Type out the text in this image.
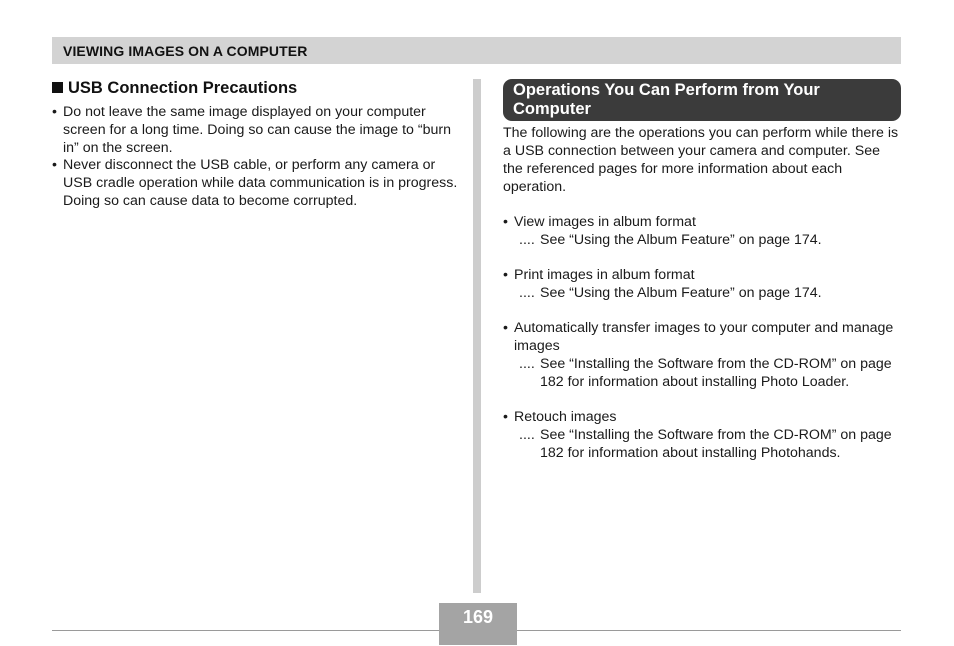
VIEWING IMAGES ON A COMPUTER
USB Connection Precautions
• Do not leave the same image displayed on your computer screen for a long time. Doing so can cause the image to “burn in” on the screen.
• Never disconnect the USB cable, or perform any camera or USB cradle operation while data communication is in progress. Doing so can cause data to become corrupted.
Operations You Can Perform from Your Computer

The following are the operations you can perform while there is a USB connection between your camera and computer. See the referenced pages for more information about each operation.

• View images in album format
.... See “Using the Album Feature” on page 174.
• Print images in album format
.... See “Using the Album Feature” on page 174.
• Automatically transfer images to your computer and manage images
.... See “Installing the Software from the CD-ROM” on page 182 for information about installing Photo Loader.
• Retouch images
.... See “Installing the Software from the CD-ROM” on page 182 for information about installing Photohands.
169
